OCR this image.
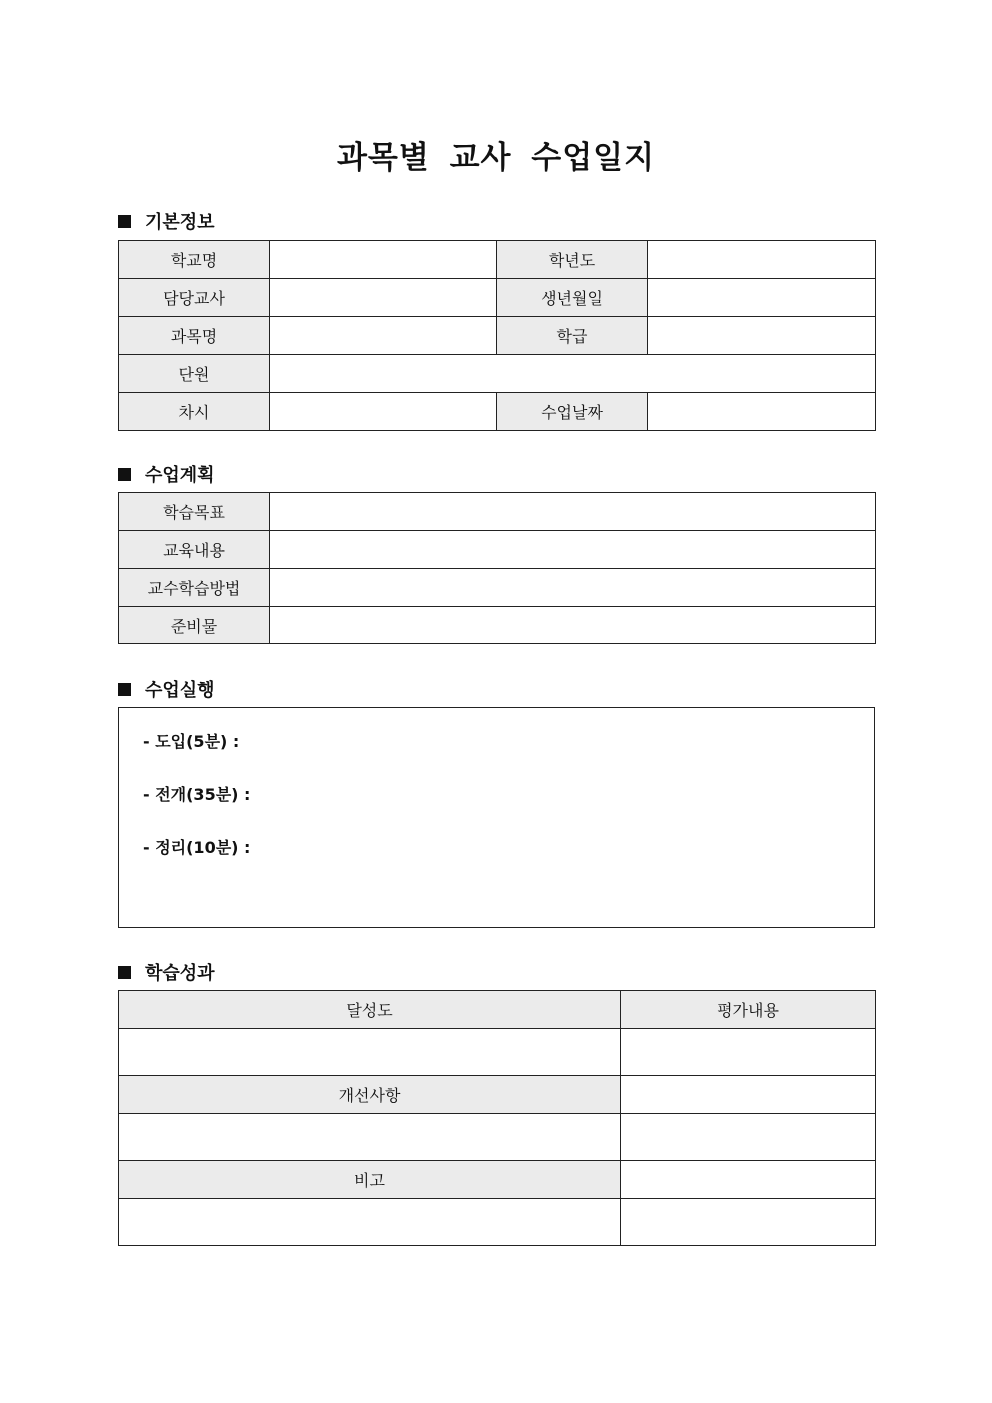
과목별 교사 수업일지
기본정보
학교명		학년도	
담당교사		생년월일	
과목명		학급	
단원			
차시		수업날짜	
수업계획
학습목표	
교육내용	
교수학습방법	
준비물	
수업실행
- 도입(5분) :
- 전개(35분) :
- 정리(10분) :
학습성과
달성도	평가내용

개선사항	

비고	
